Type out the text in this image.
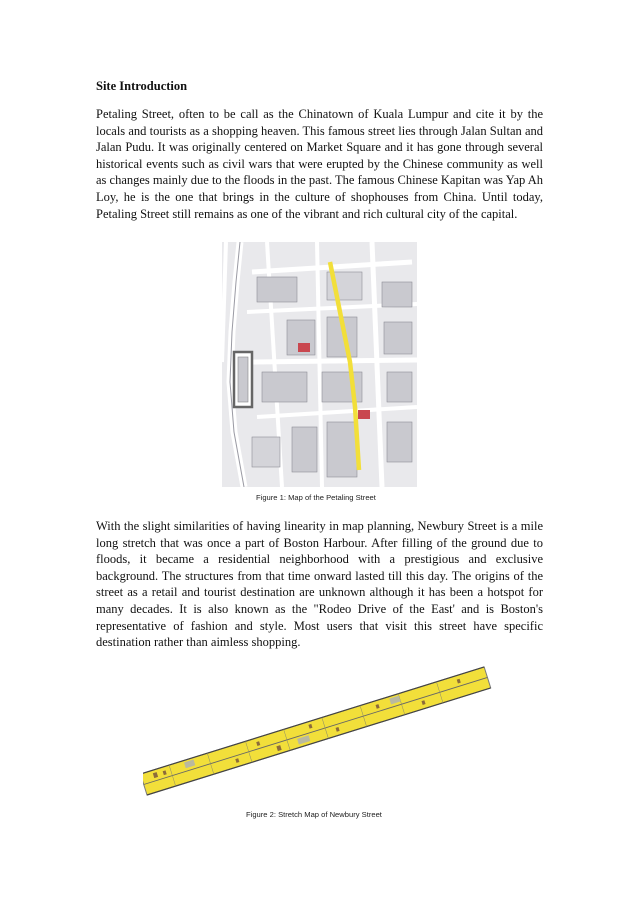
Site Introduction

Petaling Street, often to be call as the Chinatown of Kuala Lumpur and cite it by the locals and tourists as a shopping heaven. This famous street lies through Jalan Sultan and Jalan Pudu. It was originally centered on Market Square and it has gone through several historical events such as civil wars that were erupted by the Chinese community as well as changes mainly due to the floods in the past. The famous Chinese Kapitan was Yap Ah Loy, he is the one that brings in the culture of shophouses from China. Until today, Petaling Street still remains as one of the vibrant and rich cultural city of the capital.

Figure 1: Map of the Petaling Street

With the slight similarities of having linearity in map planning, Newbury Street is a mile long stretch that was once a part of Boston Harbour. After filling of the ground due to floods, it became a residential neighborhood with a prestigious and exclusive background. The structures from that time onward lasted till this day. The origins of the street as a retail and tourist destination are unknown although it has been a hotspot for many decades. It is also known as the "Rodeo Drive of the East' and is Boston's representative of fashion and style. Most users that visit this street have specific destination rather than aimless shopping.

Figure 2: Stretch Map of Newbury Street
